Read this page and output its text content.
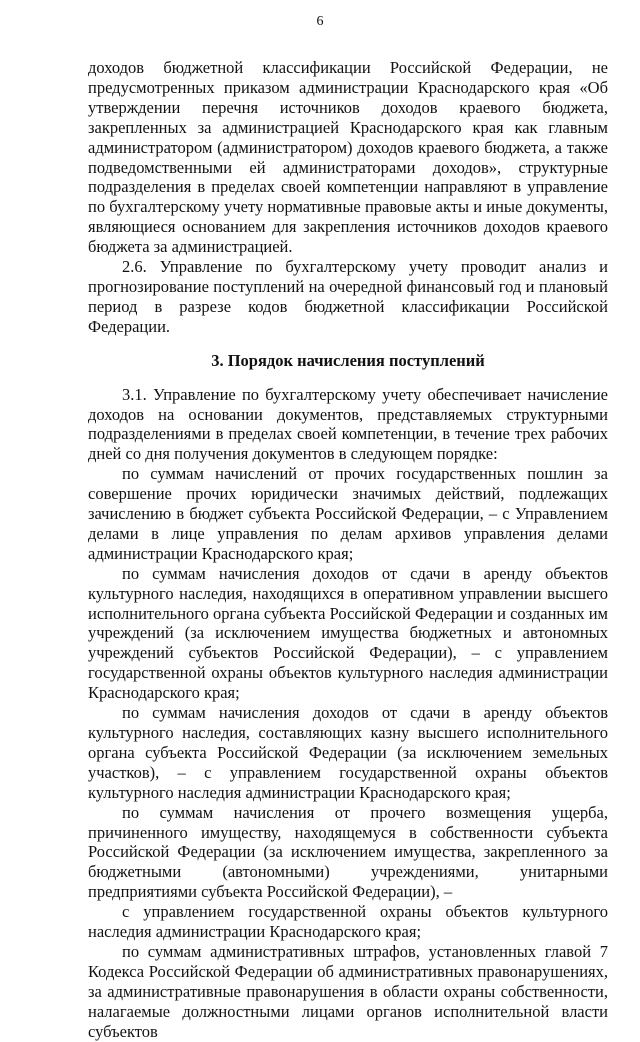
6

доходов бюджетной классификации Российской Федерации, не предусмотренных приказом администрации Краснодарского края «Об утверждении перечня источников доходов краевого бюджета, закрепленных за администрацией Краснодарского края как главным администратором (администратором) доходов краевого бюджета, а также подведомственными ей администраторами доходов», структурные подразделения в пределах своей компетенции направляют в управление по бухгалтерскому учету нормативные правовые акты и иные документы, являющиеся основанием для закрепления источников доходов краевого бюджета за администрацией.

2.6. Управление по бухгалтерскому учету проводит анализ и прогнозирование поступлений на очередной финансовый год и плановый период в разрезе кодов бюджетной классификации Российской Федерации.

3. Порядок начисления поступлений

3.1. Управление по бухгалтерскому учету обеспечивает начисление доходов на основании документов, представляемых структурными подразделениями в пределах своей компетенции, в течение трех рабочих дней со дня получения документов в следующем порядке:

по суммам начислений от прочих государственных пошлин за совершение прочих юридически значимых действий, подлежащих зачислению в бюджет субъекта Российской Федерации, – с Управлением делами в лице управления по делам архивов управления делами администрации Краснодарского края;

по суммам начисления доходов от сдачи в аренду объектов культурного наследия, находящихся в оперативном управлении высшего исполнительного органа субъекта Российской Федерации и созданных им учреждений (за исключением имущества бюджетных и автономных учреждений субъектов Российской Федерации), – с управлением государственной охраны объектов культурного наследия администрации Краснодарского края;

по суммам начисления доходов от сдачи в аренду объектов культурного наследия, составляющих казну высшего исполнительного органа субъекта Российской Федерации (за исключением земельных участков), – с управлением государственной охраны объектов культурного наследия администрации Краснодарского края;

по суммам начисления от прочего возмещения ущерба, причиненного имуществу, находящемуся в собственности субъекта Российской Федерации (за исключением имущества, закрепленного за бюджетными (автономными) учреждениями, унитарными предприятиями субъекта Российской Федерации), –

с управлением государственной охраны объектов культурного наследия администрации Краснодарского края;

по суммам административных штрафов, установленных главой 7 Кодекса Российской Федерации об административных правонарушениях, за административные правонарушения в области охраны собственности, налагаемые должностными лицами органов исполнительной власти субъектов
